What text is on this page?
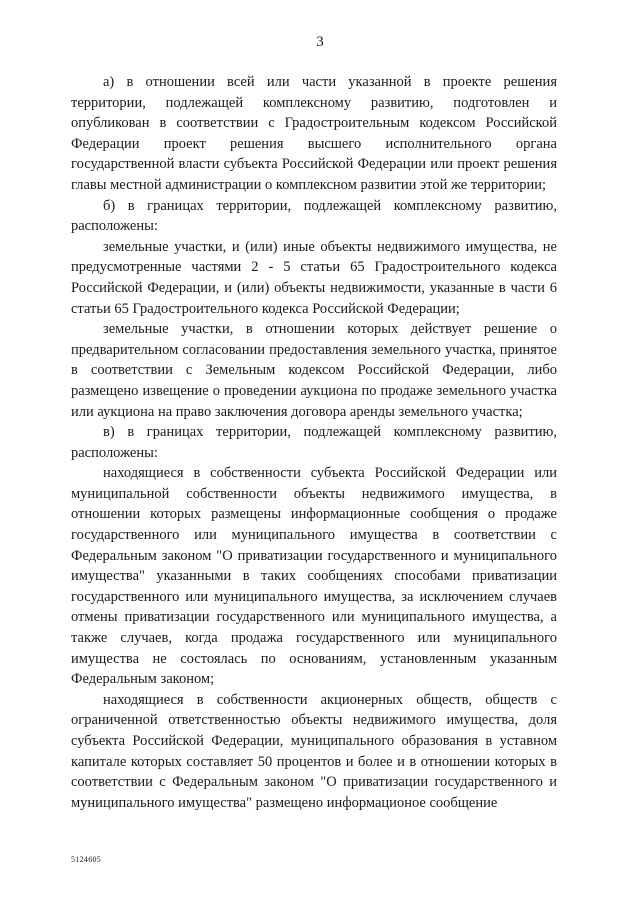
3

а) в отношении всей или части указанной в проекте решения территории, подлежащей комплексному развитию, подготовлен и опубликован в соответствии с Градостроительным кодексом Российской Федерации проект решения высшего исполнительного органа государственной власти субъекта Российской Федерации или проект решения главы местной администрации о комплексном развитии этой же территории;

б) в границах территории, подлежащей комплексному развитию, расположены:

земельные участки, и (или) иные объекты недвижимого имущества, не предусмотренные частями 2 - 5 статьи 65 Градостроительного кодекса Российской Федерации, и (или) объекты недвижимости, указанные в части 6 статьи 65 Градостроительного кодекса Российской Федерации;

земельные участки, в отношении которых действует решение о предварительном согласовании предоставления земельного участка, принятое в соответствии с Земельным кодексом Российской Федерации, либо размещено извещение о проведении аукциона по продаже земельного участка или аукциона на право заключения договора аренды земельного участка;

в) в границах территории, подлежащей комплексному развитию, расположены:

находящиеся в собственности субъекта Российской Федерации или муниципальной собственности объекты недвижимого имущества, в отношении которых размещены информационные сообщения о продаже государственного или муниципального имущества в соответствии с Федеральным законом "О приватизации государственного и муниципального имущества" указанными в таких сообщениях способами приватизации государственного или муниципального имущества, за исключением случаев отмены приватизации государственного или муниципального имущества, а также случаев, когда продажа государственного или муниципального имущества не состоялась по основаниям, установленным указанным Федеральным законом;

находящиеся в собственности акционерных обществ, обществ с ограниченной ответственностью объекты недвижимого имущества, доля субъекта Российской Федерации, муниципального образования в уставном капитале которых составляет 50 процентов и более и в отношении которых в соответствии с Федеральным законом "О приватизации государственного и муниципального имущества" размещено информационое сообщение

5124605
